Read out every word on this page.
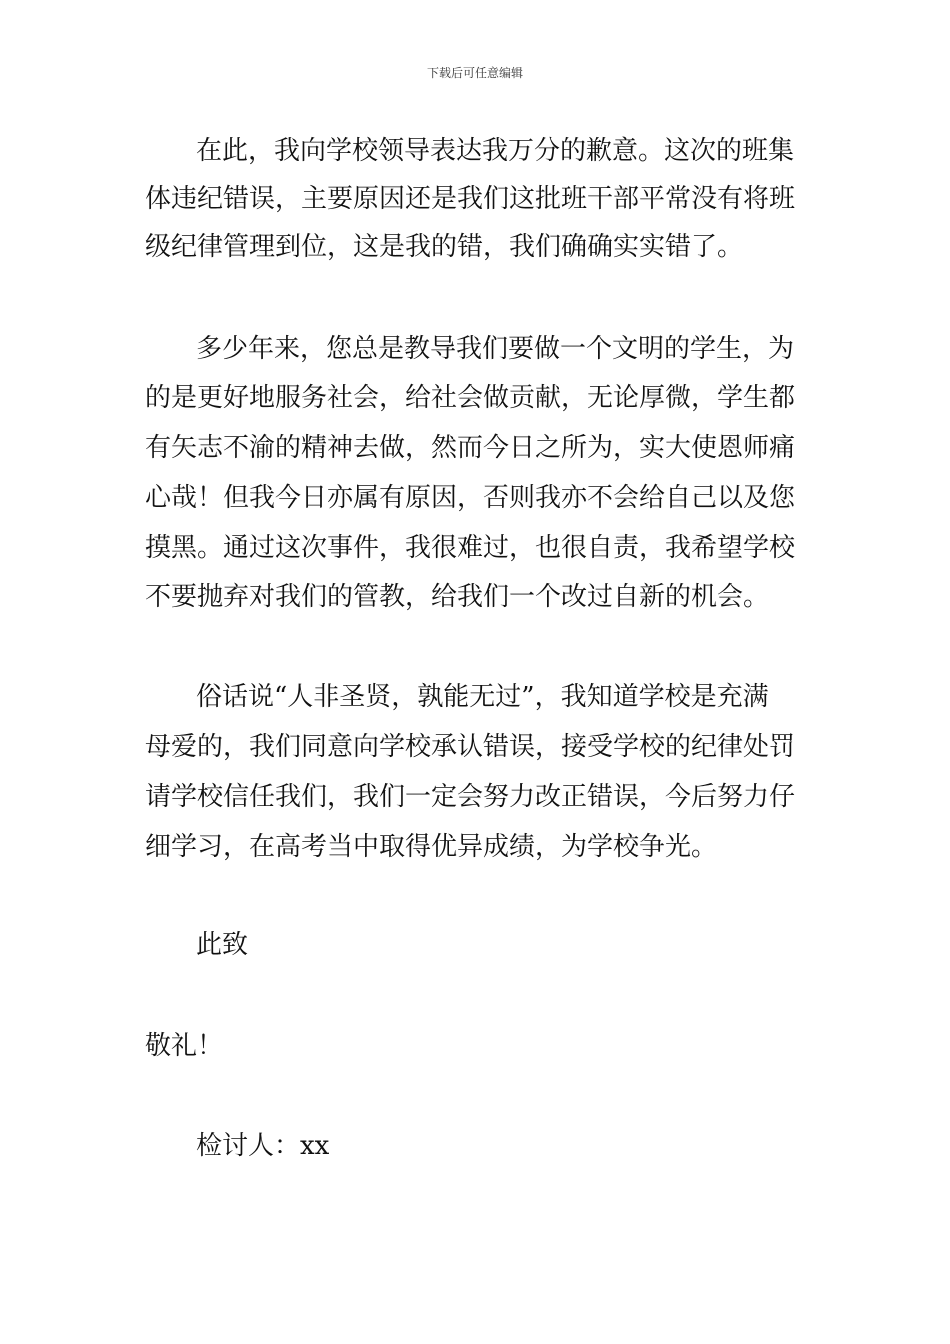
下载后可任意编辑
在此，我向学校领导表达我万分的歉意。这次的班集
体违纪错误，主要原因还是我们这批班干部平常没有将班
级纪律管理到位，这是我的错，我们确确实实错了。
多少年来，您总是教导我们要做一个文明的学生，为
的是更好地服务社会，给社会做贡献，无论厚微，学生都
有矢志不渝的精神去做，然而今日之所为，实大使恩师痛
心哉！但我今日亦属有原因，否则我亦不会给自己以及您
摸黑。通过这次事件，我很难过，也很自责，我希望学校
不要抛弃对我们的管教，给我们一个改过自新的机会。
俗话说“人非圣贤，孰能无过”，我知道学校是充满
母爱的，我们同意向学校承认错误，接受学校的纪律处罚
请学校信任我们，我们一定会努力改正错误，今后努力仔
细学习，在高考当中取得优异成绩，为学校争光。
此致
敬礼！
检讨人：xx
